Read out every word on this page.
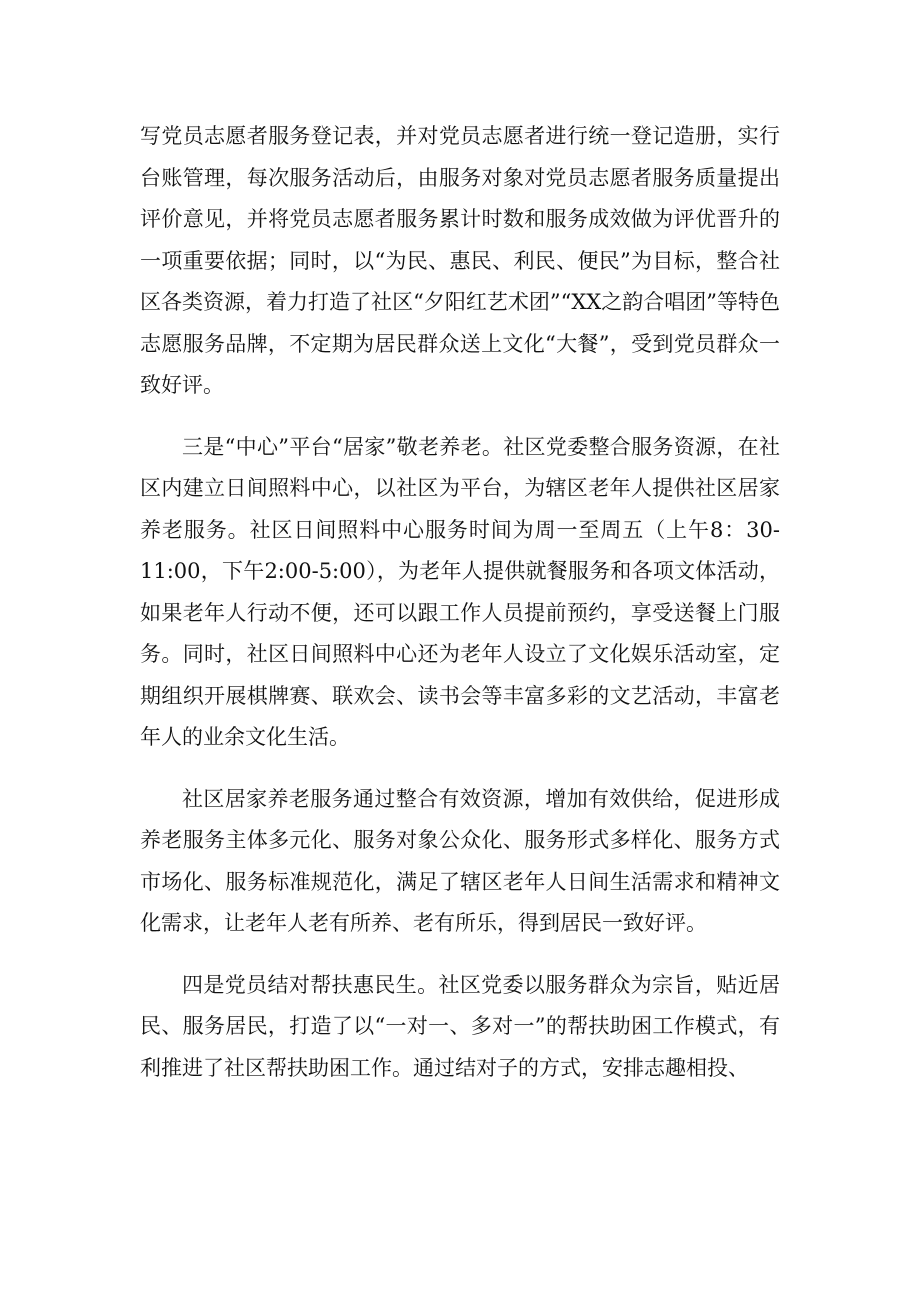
写党员志愿者服务登记表，并对党员志愿者进行统一登记造册，实行台账管理，每次服务活动后，由服务对象对党员志愿者服务质量提出评价意见，并将党员志愿者服务累计时数和服务成效做为评优晋升的一项重要依据；同时，以“为民、惠民、利民、便民”为目标，整合社区各类资源，着力打造了社区“夕阳红艺术团”“XX之韵合唱团”等特色志愿服务品牌，不定期为居民群众送上文化“大餐”，受到党员群众一致好评。

三是“中心”平台“居家”敬老养老。社区党委整合服务资源，在社区内建立日间照料中心，以社区为平台，为辖区老年人提供社区居家养老服务。社区日间照料中心服务时间为周一至周五（上午8：30-11:00，下午2:00-5:00），为老年人提供就餐服务和各项文体活动，如果老年人行动不便，还可以跟工作人员提前预约，享受送餐上门服务。同时，社区日间照料中心还为老年人设立了文化娱乐活动室，定期组织开展棋牌赛、联欢会、读书会等丰富多彩的文艺活动，丰富老年人的业余文化生活。

社区居家养老服务通过整合有效资源，增加有效供给，促进形成养老服务主体多元化、服务对象公众化、服务形式多样化、服务方式市场化、服务标准规范化，满足了辖区老年人日间生活需求和精神文化需求，让老年人老有所养、老有所乐，得到居民一致好评。

四是党员结对帮扶惠民生。社区党委以服务群众为宗旨，贴近居民、服务居民，打造了以“一对一、多对一”的帮扶助困工作模式，有利推进了社区帮扶助困工作。通过结对子的方式，安排志趣相投、
